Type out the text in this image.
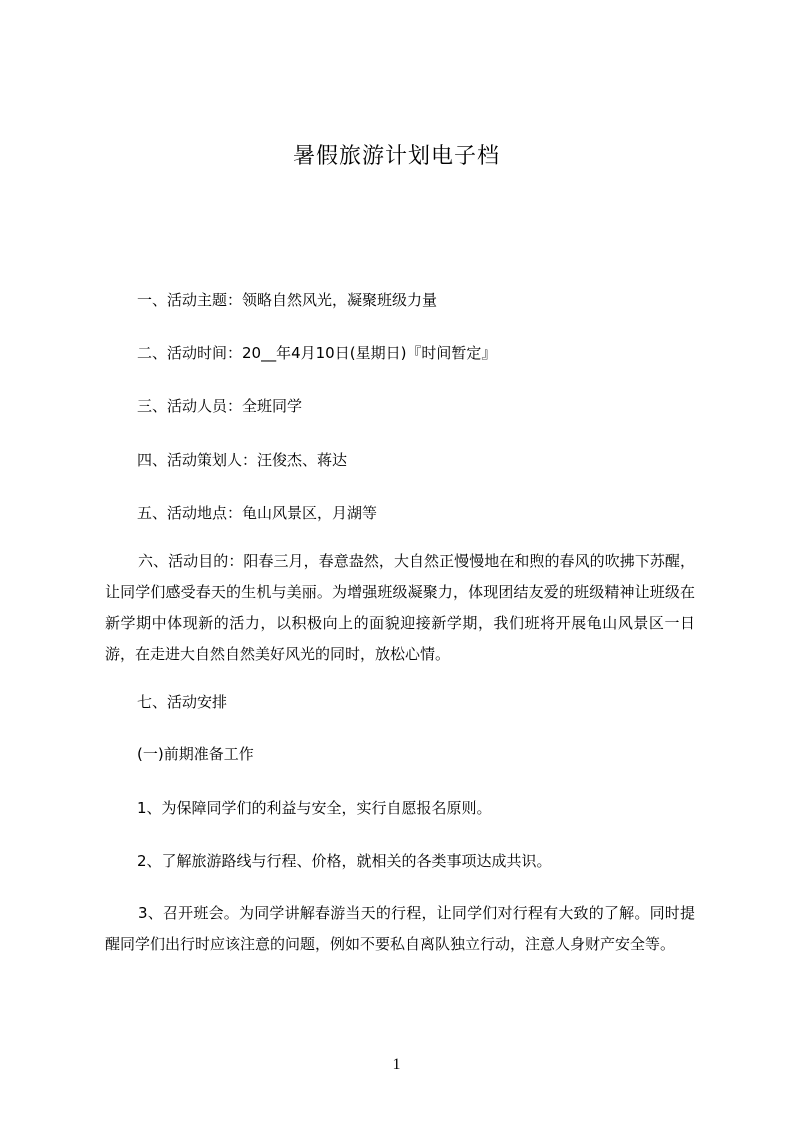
暑假旅游计划电子档
一、活动主题：领略自然风光，凝聚班级力量
二、活动时间：20__年4月10日(星期日)『时间暂定』
三、活动人员：全班同学
四、活动策划人：汪俊杰、蒋达
五、活动地点：龟山风景区，月湖等
六、活动目的：阳春三月，春意盎然，大自然正慢慢地在和煦的春风的吹拂下苏醒，让同学们感受春天的生机与美丽。为增强班级凝聚力，体现团结友爱的班级精神让班级在新学期中体现新的活力，以积极向上的面貌迎接新学期，我们班将开展龟山风景区一日游，在走进大自然自然美好风光的同时，放松心情。
七、活动安排
(一)前期准备工作
1、为保障同学们的利益与安全，实行自愿报名原则。
2、了解旅游路线与行程、价格，就相关的各类事项达成共识。
3、召开班会。为同学讲解春游当天的行程，让同学们对行程有大致的了解。同时提醒同学们出行时应该注意的问题，例如不要私自离队独立行动，注意人身财产安全等。
1
